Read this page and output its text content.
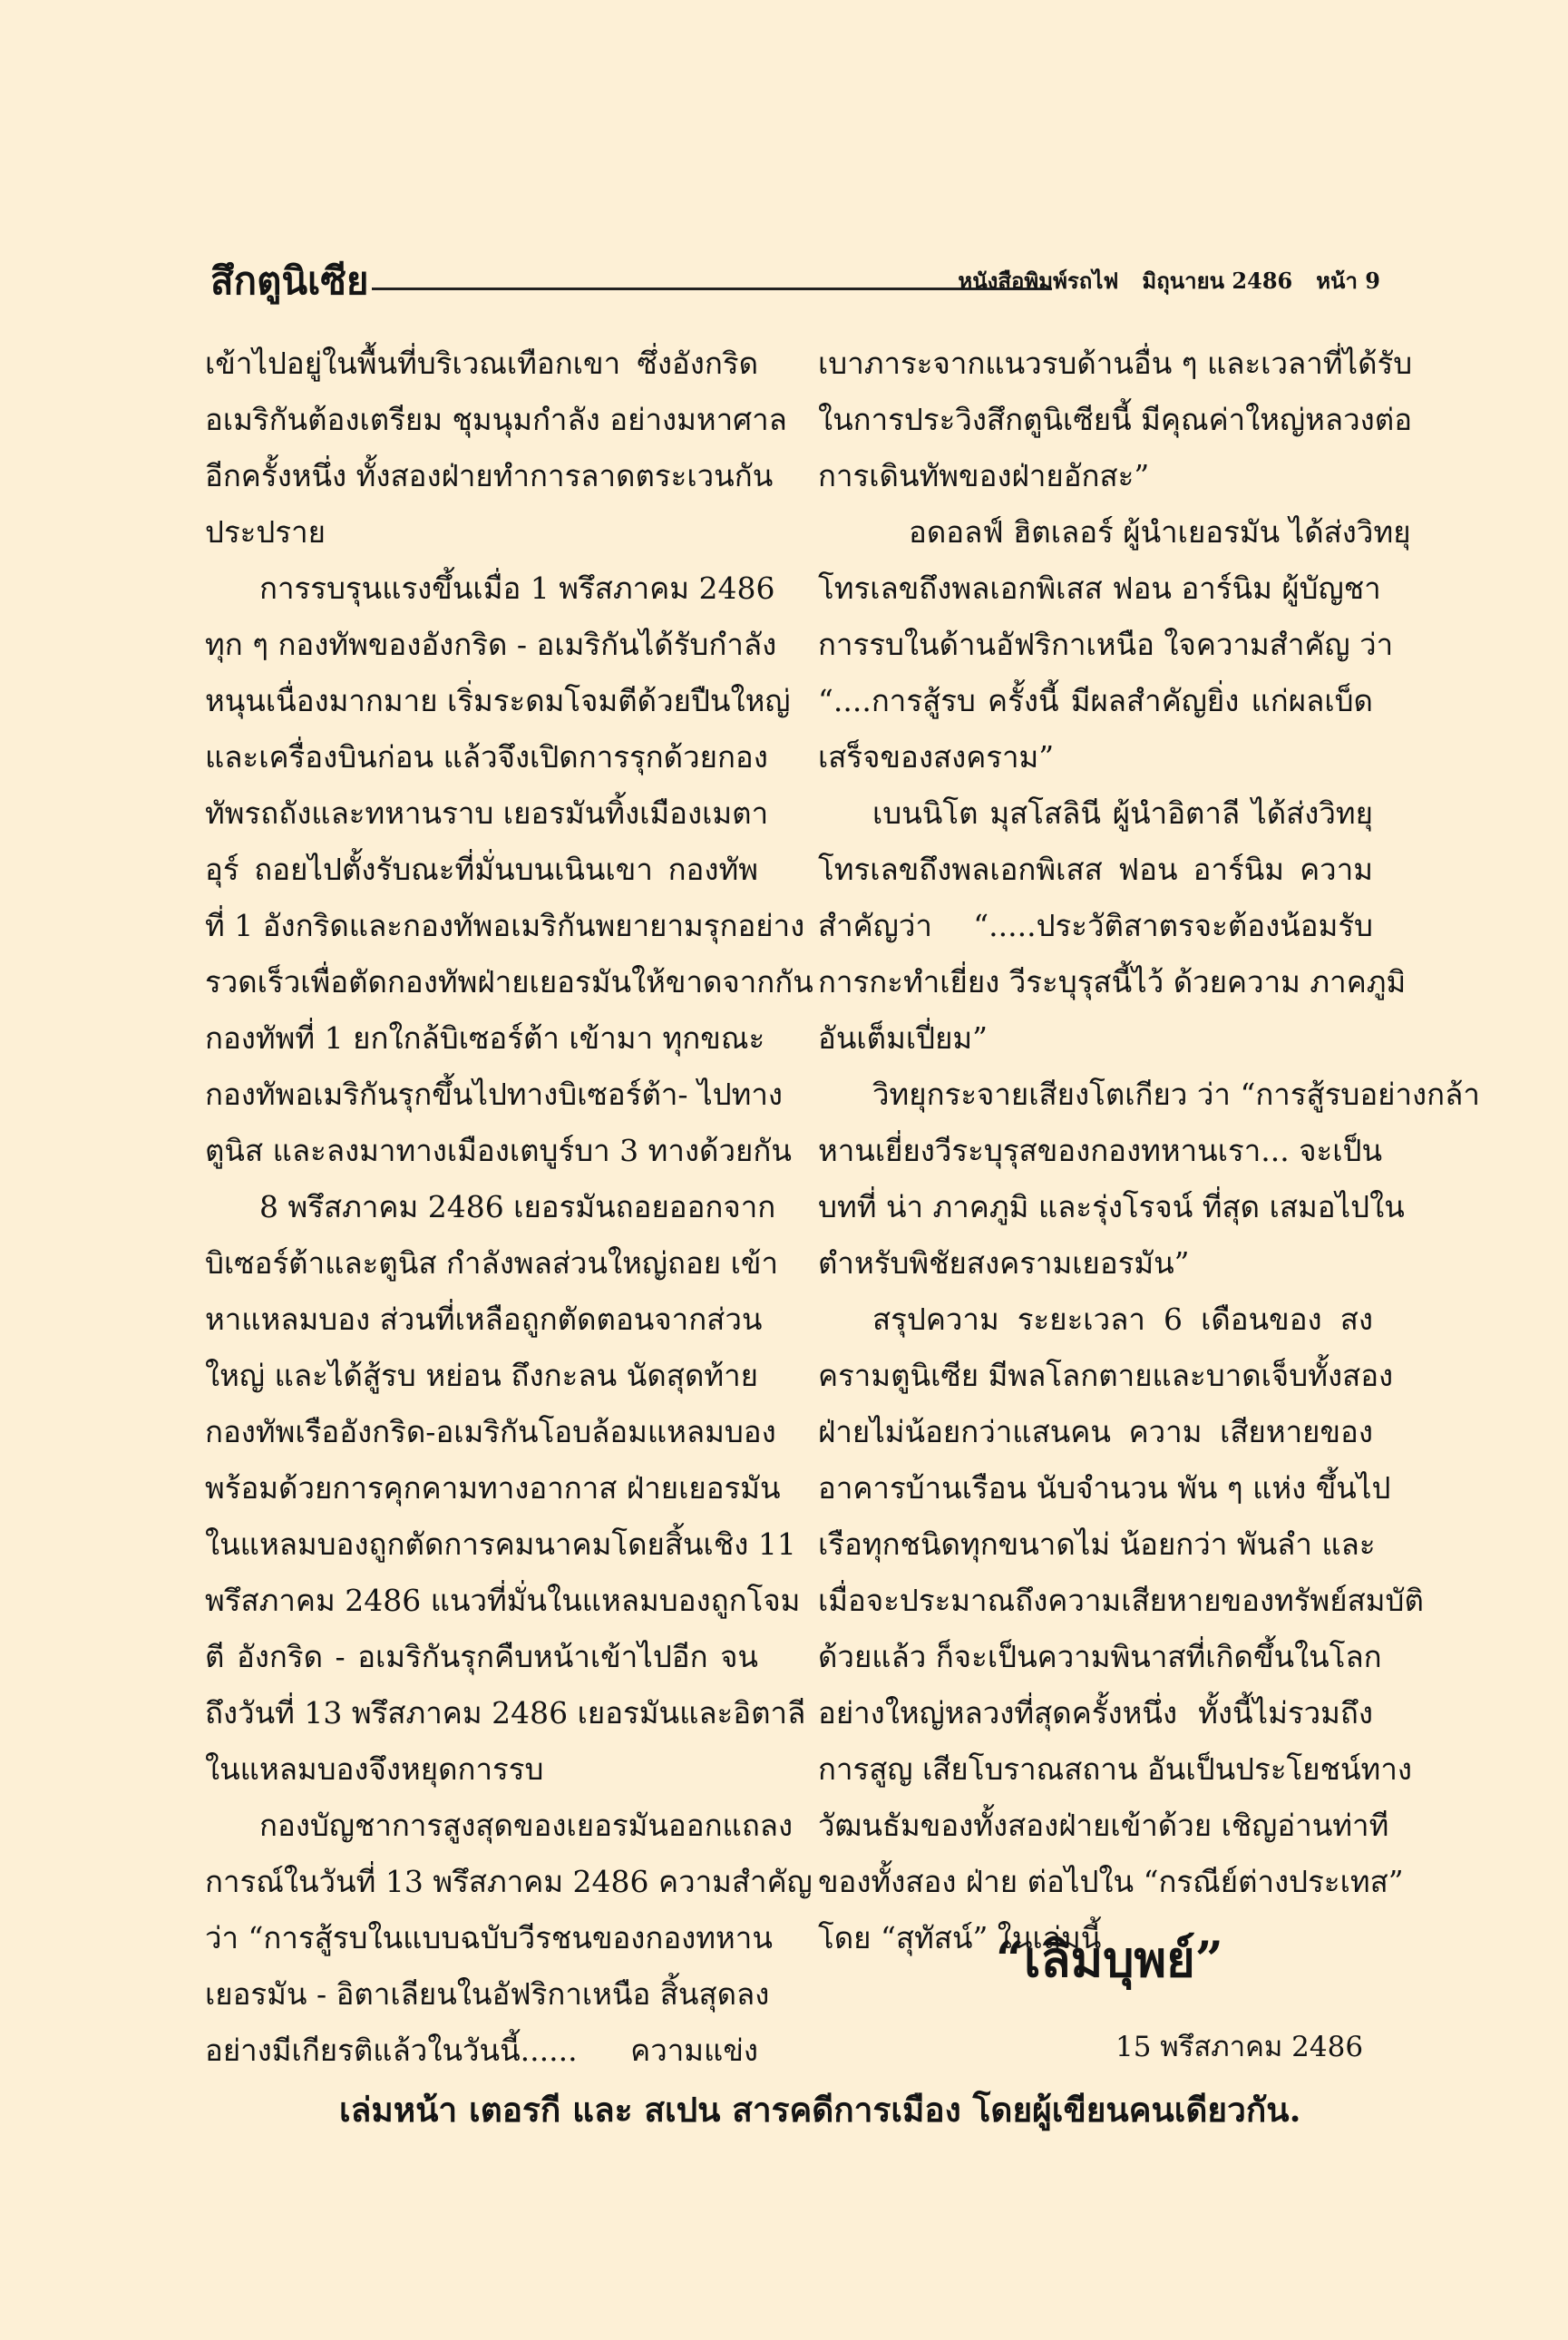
สึกตูนิเซีย	หนังสือพิมพ์รถไฟ มิถุนายน 2486 หน้า 9
เข้าไปอยู่ในพื้นที่บริเวณเทือกเขา ซึ่งอังกริด
อเมริกันต้องเตรียม ชุมนุมกำลัง อย่างมหาศาล
อีกครั้งหนึ่ง ทั้งสองฝ่ายทำการลาดตระเวนกัน
ประปราย
การรบรุนแรงขึ้นเมื่อ 1 พรึสภาคม 2486
ทุก ๆ กองทัพของอังกริด - อเมริกันได้รับกำลัง
หนุนเนื่องมากมาย เริ่มระดมโจมตีด้วยปืนใหญ่
และเครื่องบินก่อน แล้วจึงเปิดการรุกด้วยกอง
ทัพรถถังและทหานราบ เยอรมันทิ้งเมืองเมตา
อุร์ ถอยไปตั้งรับณะที่มั่นบนเนินเขา กองทัพ
ที่ 1 อังกริดและกองทัพอเมริกันพยายามรุกอย่าง
รวดเร็วเพื่อตัดกองทัพฝ่ายเยอรมันให้ขาดจากกัน
กองทัพที่ 1 ยกใกล้บิเซอร์ต้า เข้ามา ทุกขณะ
กองทัพอเมริกันรุกขึ้นไปทางบิเซอร์ต้า- ไปทาง
ตูนิส และลงมาทางเมืองเตบูร์บา 3 ทางด้วยกัน
8 พรึสภาคม 2486 เยอรมันถอยออกจาก
บิเซอร์ต้าและตูนิส กำลังพลส่วนใหญ่ถอย เข้า
หาแหลมบอง ส่วนที่เหลือถูกตัดตอนจากส่วน
ใหญ่ และได้สู้รบ หย่อน ถึงกะลน นัดสุดท้าย
กองทัพเรืออังกริด-อเมริกันโอบล้อมแหลมบอง
พร้อมด้วยการคุกคามทางอากาส ฝ่ายเยอรมัน
ในแหลมบองถูกตัดการคมนาคมโดยสิ้นเชิง 11
พรึสภาคม 2486 แนวที่มั่นในแหลมบองถูกโจม
ตี อังกริด - อเมริกันรุกคืบหน้าเข้าไปอีก จน
ถึงวันที่ 13 พรึสภาคม 2486 เยอรมันและอิตาลี
ในแหลมบองจึงหยุดการรบ
กองบัญชาการสูงสุดของเยอรมันออกแถลง
การณ์ในวันที่ 13 พรึสภาคม 2486 ความสำคัญ
ว่า “การสู้รบในแบบฉบับวีรชนของกองทหาน
เยอรมัน - อิตาเลียนในอัฟริกาเหนือ สิ้นสุดลง
อย่างมีเกียรติแล้วในวันนี้...... ความแข่ง
เบาภาระจากแนวรบด้านอื่น ๆ และเวลาที่ได้รับ
ในการประวิงสึกตูนิเซียนี้ มีคุณค่าใหญ่หลวงต่อ
การเดินทัพของฝ่ายอักสะ”
อดอลฟ์ ฮิตเลอร์ ผู้นำเยอรมัน ได้ส่งวิทยุ
โทรเลขถึงพลเอกพิเสส ฟอน อาร์นิม ผู้บัญชา
การรบในด้านอัฟริกาเหนือ ใจความสำคัญ ว่า
“....การสู้รบ ครั้งนี้ มีผลสำคัญยิ่ง แก่ผลเบ็ด
เสร็จของสงคราม”
เบนนิโต มุสโสลินี ผู้นำอิตาลี ได้ส่งวิทยุ
โทรเลขถึงพลเอกพิเสส ฟอน อาร์นิม ความ
สำคัญว่า “.....ประวัติสาตรจะต้องน้อมรับ
การกะทำเยี่ยง วีระบุรุสนี้ไว้ ด้วยความ ภาคภูมิ
อันเต็มเปี่ยม”
วิทยุกระจายเสียงโตเกียว ว่า “การสู้รบอย่างกล้า
หานเยี่ยงวีระบุรุสของกองทหานเรา... จะเป็น
บทที่ น่า ภาคภูมิ และรุ่งโรจน์ ที่สุด เสมอไปใน
ตำหรับพิชัยสงครามเยอรมัน”
สรุปความ ระยะเวลา 6 เดือนของ สง
ครามตูนิเซีย มีพลโลกตายและบาดเจ็บทั้งสอง
ฝ่ายไม่น้อยกว่าแสนคน ความ เสียหายของ
อาคารบ้านเรือน นับจำนวน พัน ๆ แห่ง ขึ้นไป
เรือทุกชนิดทุกขนาดไม่ น้อยกว่า พันลำ และ
เมื่อจะประมาณถึงความเสียหายของทรัพย์สมบัติ
ด้วยแล้ว ก็จะเป็นความพินาสที่เกิดขึ้นในโลก
อย่างใหญ่หลวงที่สุดครั้งหนึ่ง ทั้งนี้ไม่รวมถึง
การสูญ เสียโบราณสถาน อันเป็นประโยชน์ทาง
วัฒนธัมของทั้งสองฝ่ายเข้าด้วย เชิญอ่านท่าที
ของทั้งสอง ฝ่าย ต่อไปใน “กรณีย์ต่างประเทส”
โดย “สุทัสน์” ในเล่มนี้
“เลิมบุพย์”
15 พรึสภาคม 2486
เล่มหน้า เตอรกี และ สเปน สารคดีการเมือง โดยผู้เขียนคนเดียวกัน.
